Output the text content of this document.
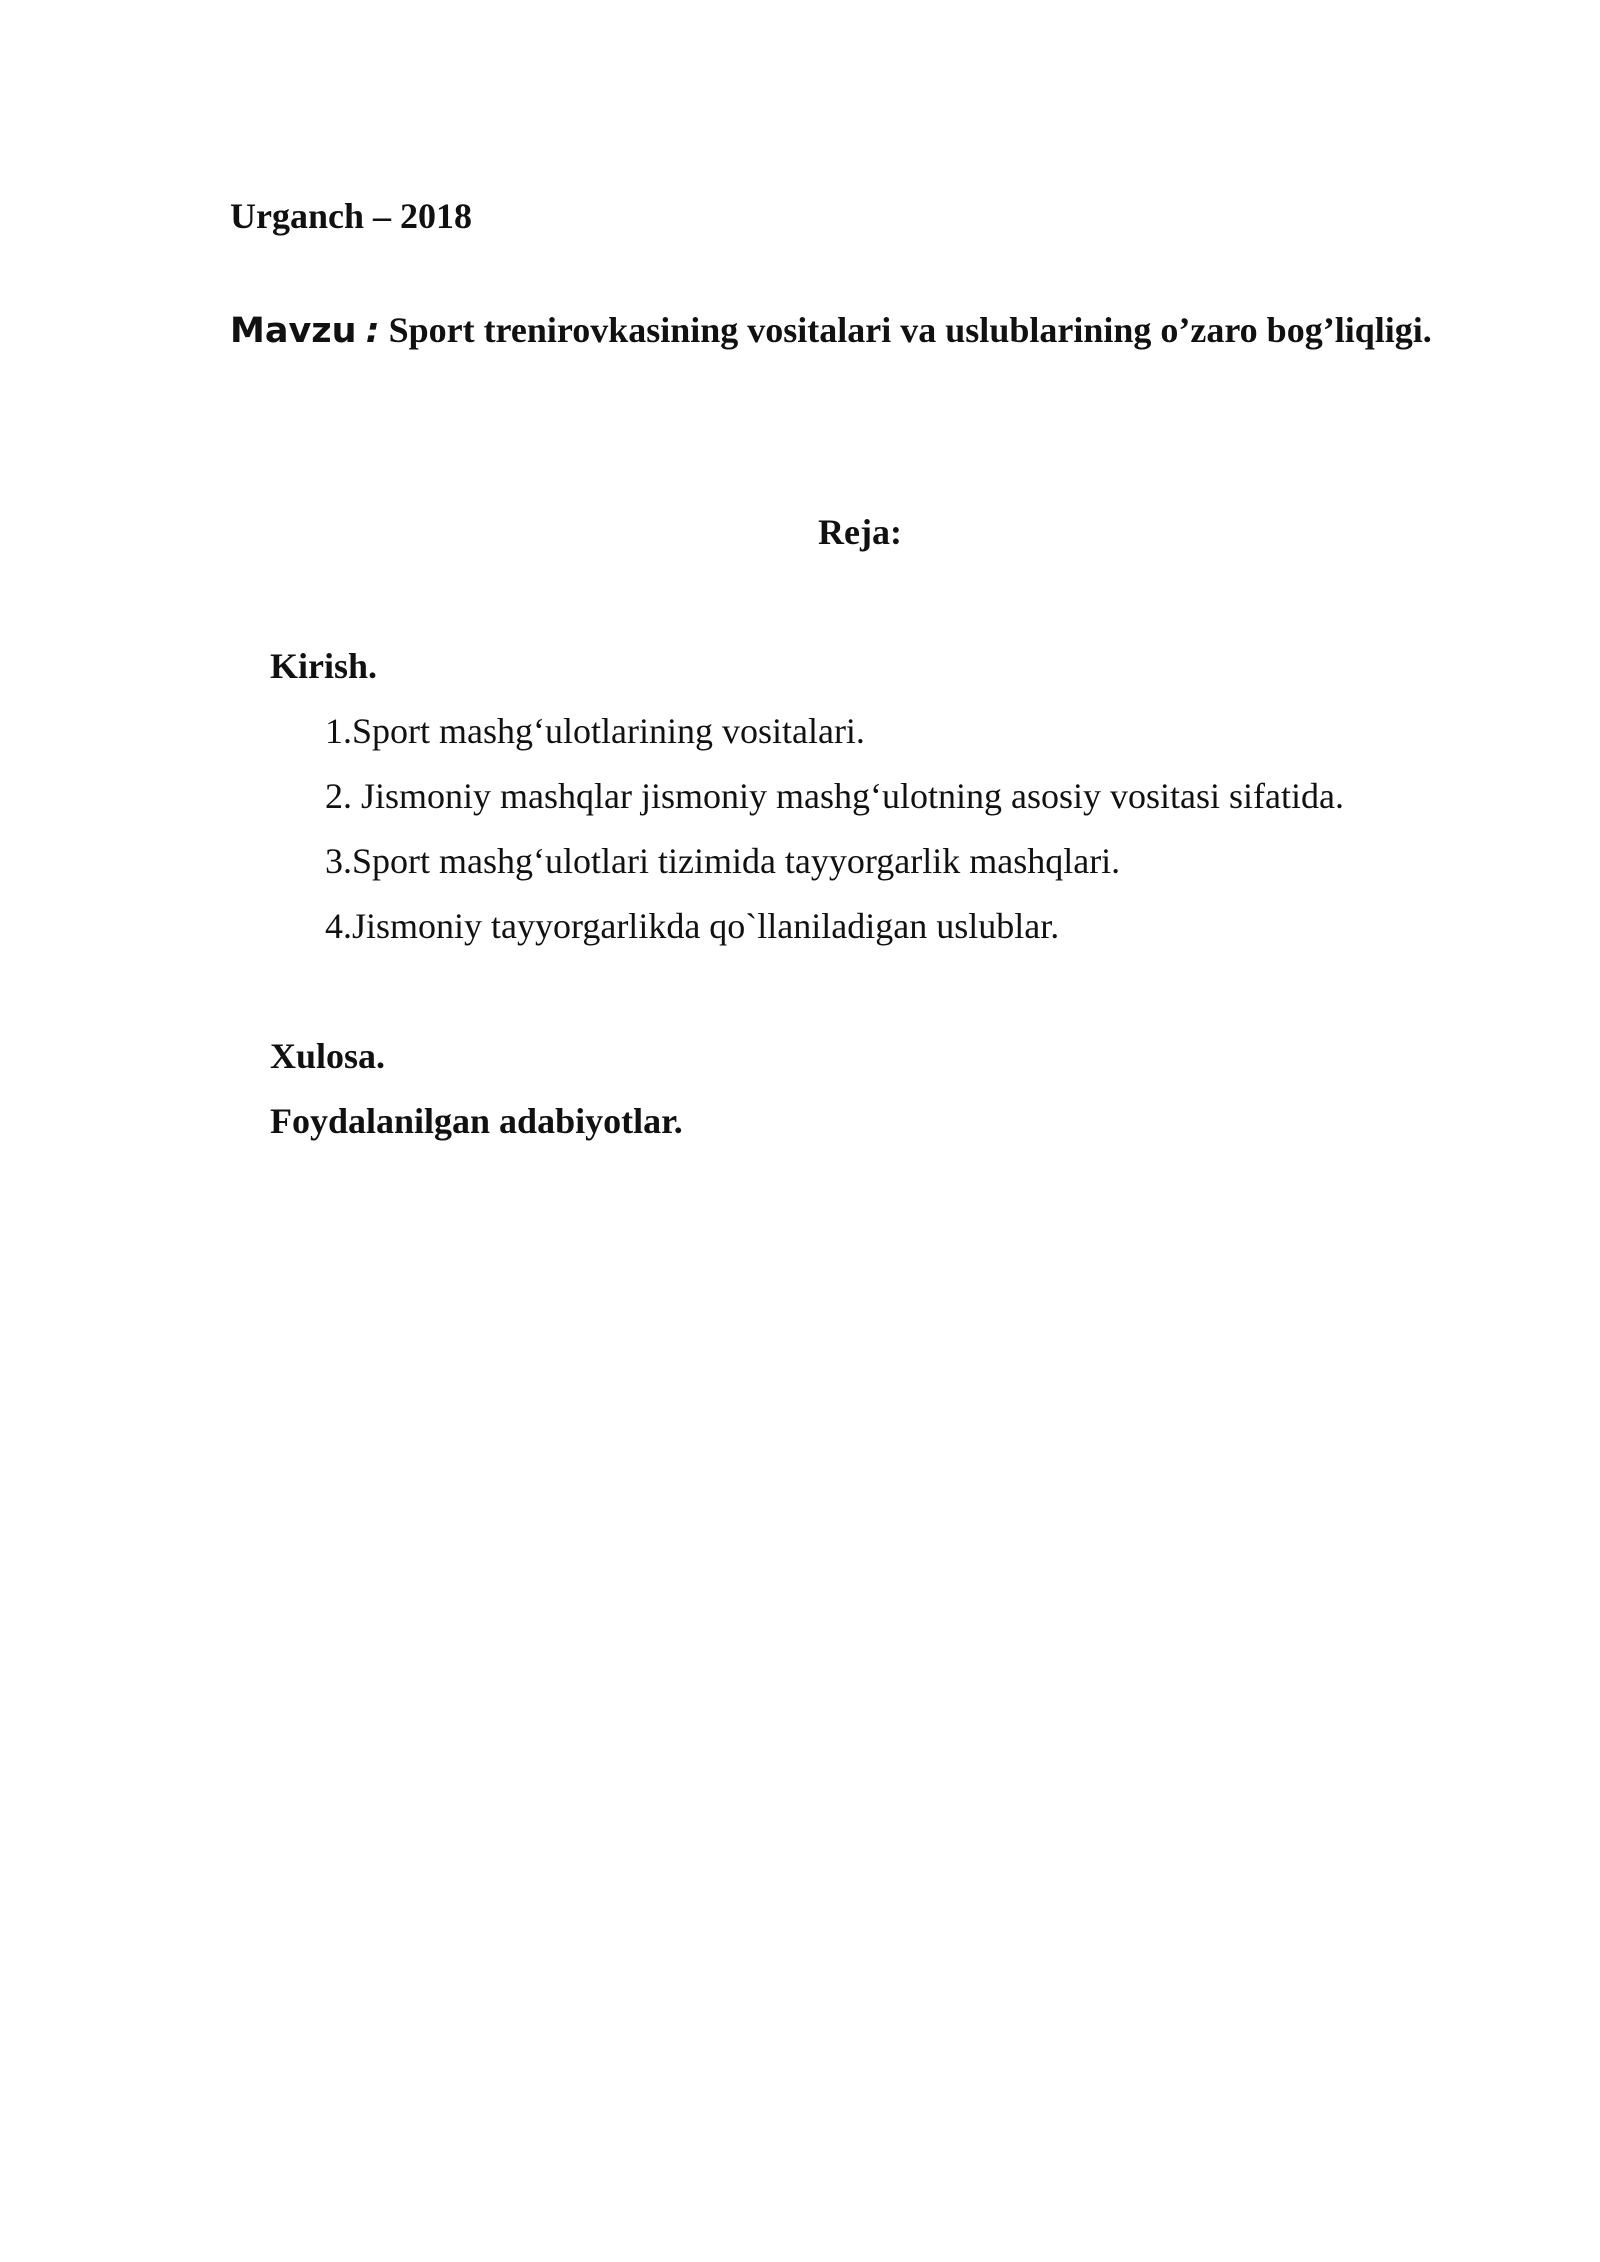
Urganch – 2018
Mavzu : Sport trenirovkasining vositalari va uslublarining o’zaro bog’liqligi.
Reja:
Kirish.
1.Sport mashg‘ulotlarining vositalari.
2. Jismoniy mashqlar jismoniy mashg‘ulotning asosiy vositasi sifatida.
3.Sport mashg‘ulotlari tizimida tayyorgarlik mashqlari.
4.Jismoniy tayyorgarlikda qo`llaniladigan uslublar.
Xulosa.
Foydalanilgan adabiyotlar.
